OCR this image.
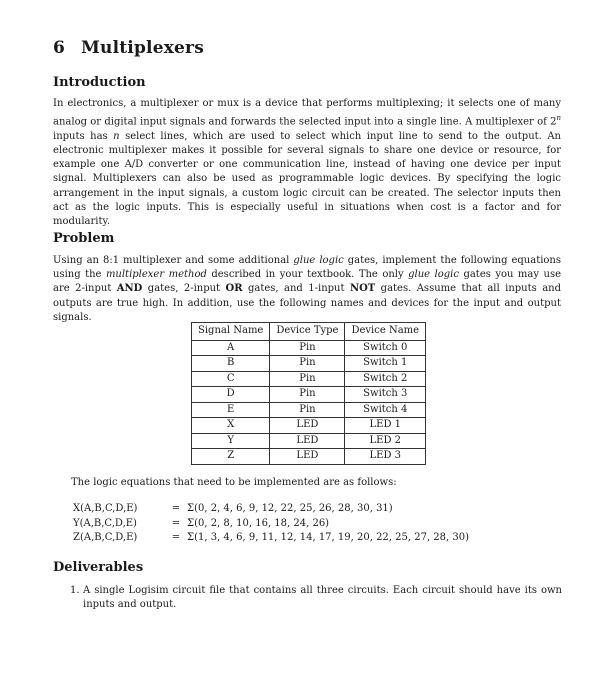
6 Multiplexers
Introduction

In electronics, a multiplexer or mux is a device that performs multiplexing; it selects one of many analog or digital input signals and forwards the selected input into a single line. A multiplexer of 2$^n$ inputs has n select lines, which are used to select which input line to send to the output. An electronic multiplexer makes it possible for several signals to share one device or resource, for example one A/D converter or one communication line, instead of having one device per input signal. Multiplexers can also be used as programmable logic devices. By specifying the logic arrangement in the input signals, a custom logic circuit can be created. The selector inputs then act as the logic inputs. This is especially useful in situations when cost is a factor and for modularity.

Problem

Using an 8:1 multiplexer and some additional glue logic gates, implement the following equations using the multiplexer method described in your textbook. The only glue logic gates you may use are 2-input AND gates, 2-input OR gates, and 1-input NOT gates. Assume that all inputs and outputs are true high. In addition, use the following names and devices for the input and output signals.

Signal Name	Device Type	Device Name
A	Pin	Switch 0
B	Pin	Switch 1
C	Pin	Switch 2
D	Pin	Switch 3
E	Pin	Switch 4
X	LED	LED 1
Y	LED	LED 2
Z	LED	LED 3

The logic equations that need to be implemented are as follows:

X(A,B,C,D,E)	= Σ(0, 2, 4, 6, 9, 12, 22, 25, 26, 28, 30, 31)
Y(A,B,C,D,E)	= Σ(0, 2, 8, 10, 16, 18, 24, 26)
Z(A,B,C,D,E)	= Σ(1, 3, 4, 6, 9, 11, 12, 14, 17, 19, 20, 22, 25, 27, 28, 30)
Deliverables
1. A single Logisim circuit file that contains all three circuits. Each circuit should have its own inputs and output.
